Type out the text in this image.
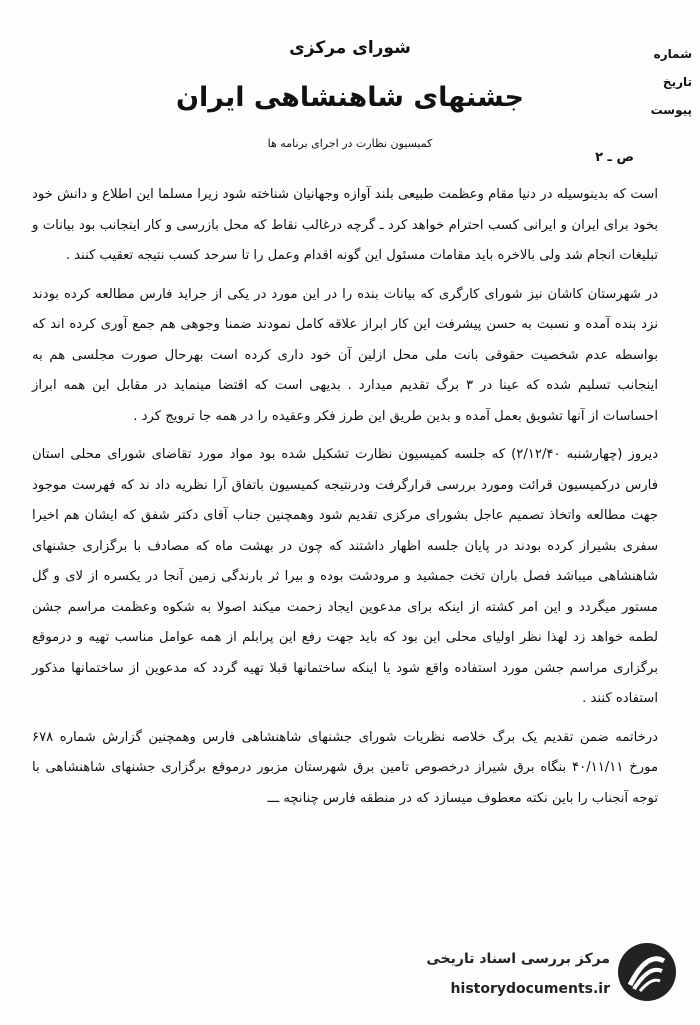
شورای مرکزی
جشنهای شاهنشاهی ایران
کمیسیون نظارت در اجرای برنامه ها
شماره
تاریخ
پیوست
ص ـ ۲

است که بدینوسیله در دنیا مقام وعظمت طبیعی بلند آوازه وجهانیان شناخته شود زیرا مسلما این اطلاع و دانش خود بخود برای ایران و ایرانی کسب احترام خواهد کرد ـ گرچه درغالب نقاط که محل بازرسی و کار اینجانب بود بیانات و تبلیغات انجام شد ولی بالاخره باید مقامات مسئول این گونه اقدام وعمل را تا سرحد کسب نتیجه تعقیب کنند .

در شهرستان کاشان نیز شورای کارگری که بیانات بنده را در این مورد در یکی از جراید فارس مطالعه کرده بودند نزد بنده آمده و نسبت به حسن پیشرفت این کار ابراز علاقه کامل نمودند ضمنا وجوهی هم جمع آوری کرده اند که بواسطه عدم شخصیت حقوقی بانت ملی محل ازلین آن خود داری کرده است بهرحال صورت مجلسی هم به اینجانب تسلیم شده که عینا در ۳ برگ تقدیم میدارد . بدیهی است که اقتضا مینماید در مقابل این همه ابراز احساسات از آنها تشویق بعمل آمده و بدین طریق این طرز فکر وعقیده را در همه جا ترویج کرد .

دیروز (چهارشنبه ۲/۱۲/۴۰) که جلسه کمیسیون نظارت تشکیل شده بود مواد مورد تقاضای شورای محلی استان فارس درکمیسیون قرائت ومورد بررسی قرارگرفت ودرنتیجه کمیسیون باتفاق آرا نظریه داد ند که فهرست موجود جهت مطالعه واتخاذ تصمیم عاجل بشورای مرکزی تقدیم شود وهمچنین جناب آقای دکتر شفق که ایشان هم اخیرا سفری بشیراز کرده بودند در پایان جلسه اظهار داشتند که چون در بهشت ماه که مصادف با برگزاری جشنهای شاهنشاهی میباشد فصل باران تخت جمشید و مرودشت بوده و بیرا ثر بارندگی زمین آنجا در یکسره از لای و گل مستور میگردد و این امر کشته از اینکه برای مدعوین ایجاد زحمت میکند اصولا به شکوه وعظمت مراسم جشن لطمه خواهد زد لهذا نظر اولیای محلی این بود که باید جهت رفع این پرابلم از همه عوامل مناسب تهیه و درموقع برگزاری مراسم جشن مورد استفاده واقع شود یا اینکه ساختمانها قبلا تهیه گردد که مدعوین از ساختمانها مذکور استفاده کنند .

درخاتمه ضمن تقدیم یک برگ خلاصه نظریات شورای جشنهای شاهنشاهی فارس وهمچنین گزارش شماره ۶۷۸ مورخ ۴۰/۱۱/۱۱ بنگاه برق شیراز درخصوص تامین برق شهرستان مزبور درموقع برگزاری جشنهای شاهنشاهی با توجه آنجناب را باین نکته معطوف میسازد که در منطقه فارس چنانچه ـــ

مرکز بررسی اسناد تاریخی
historydocuments.ir
